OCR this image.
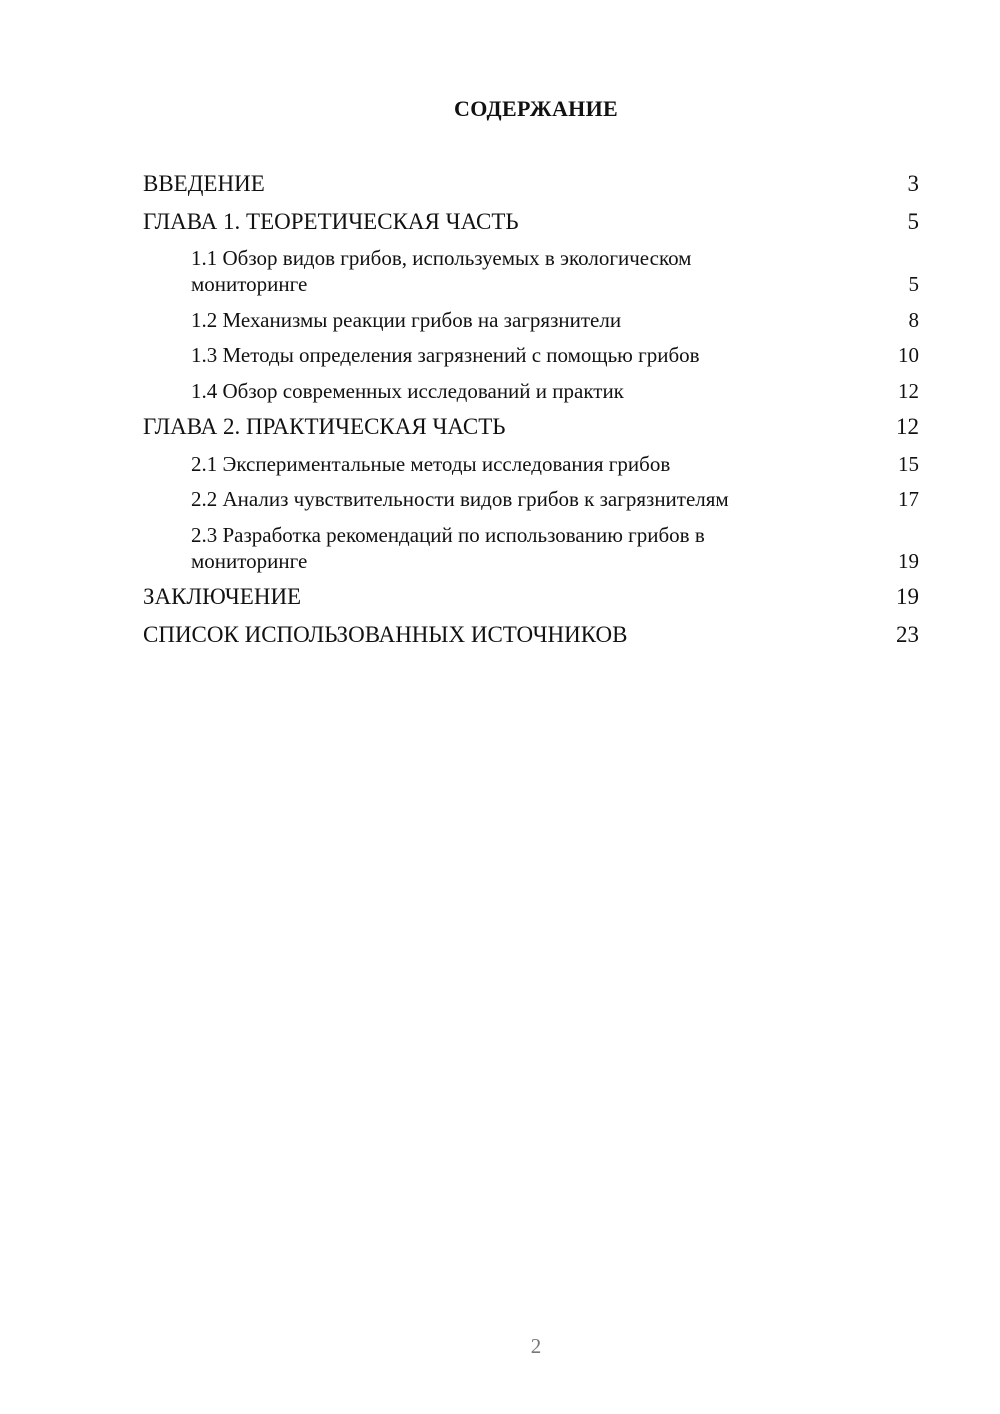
СОДЕРЖАНИЕ
ВВЕДЕНИЕ	3
ГЛАВА 1. ТЕОРЕТИЧЕСКАЯ ЧАСТЬ	5
1.1 Обзор видов грибов, используемых в экологическом мониторинге	5
1.2 Механизмы реакции грибов на загрязнители	8
1.3 Методы определения загрязнений с помощью грибов	10
1.4 Обзор современных исследований и практик	12
ГЛАВА 2. ПРАКТИЧЕСКАЯ ЧАСТЬ	12
2.1 Экспериментальные методы исследования грибов	15
2.2 Анализ чувствительности видов грибов к загрязнителям	17
2.3 Разработка рекомендаций по использованию грибов в мониторинге	19
ЗАКЛЮЧЕНИЕ	19
СПИСОК ИСПОЛЬЗОВАННЫХ ИСТОЧНИКОВ	23
2
